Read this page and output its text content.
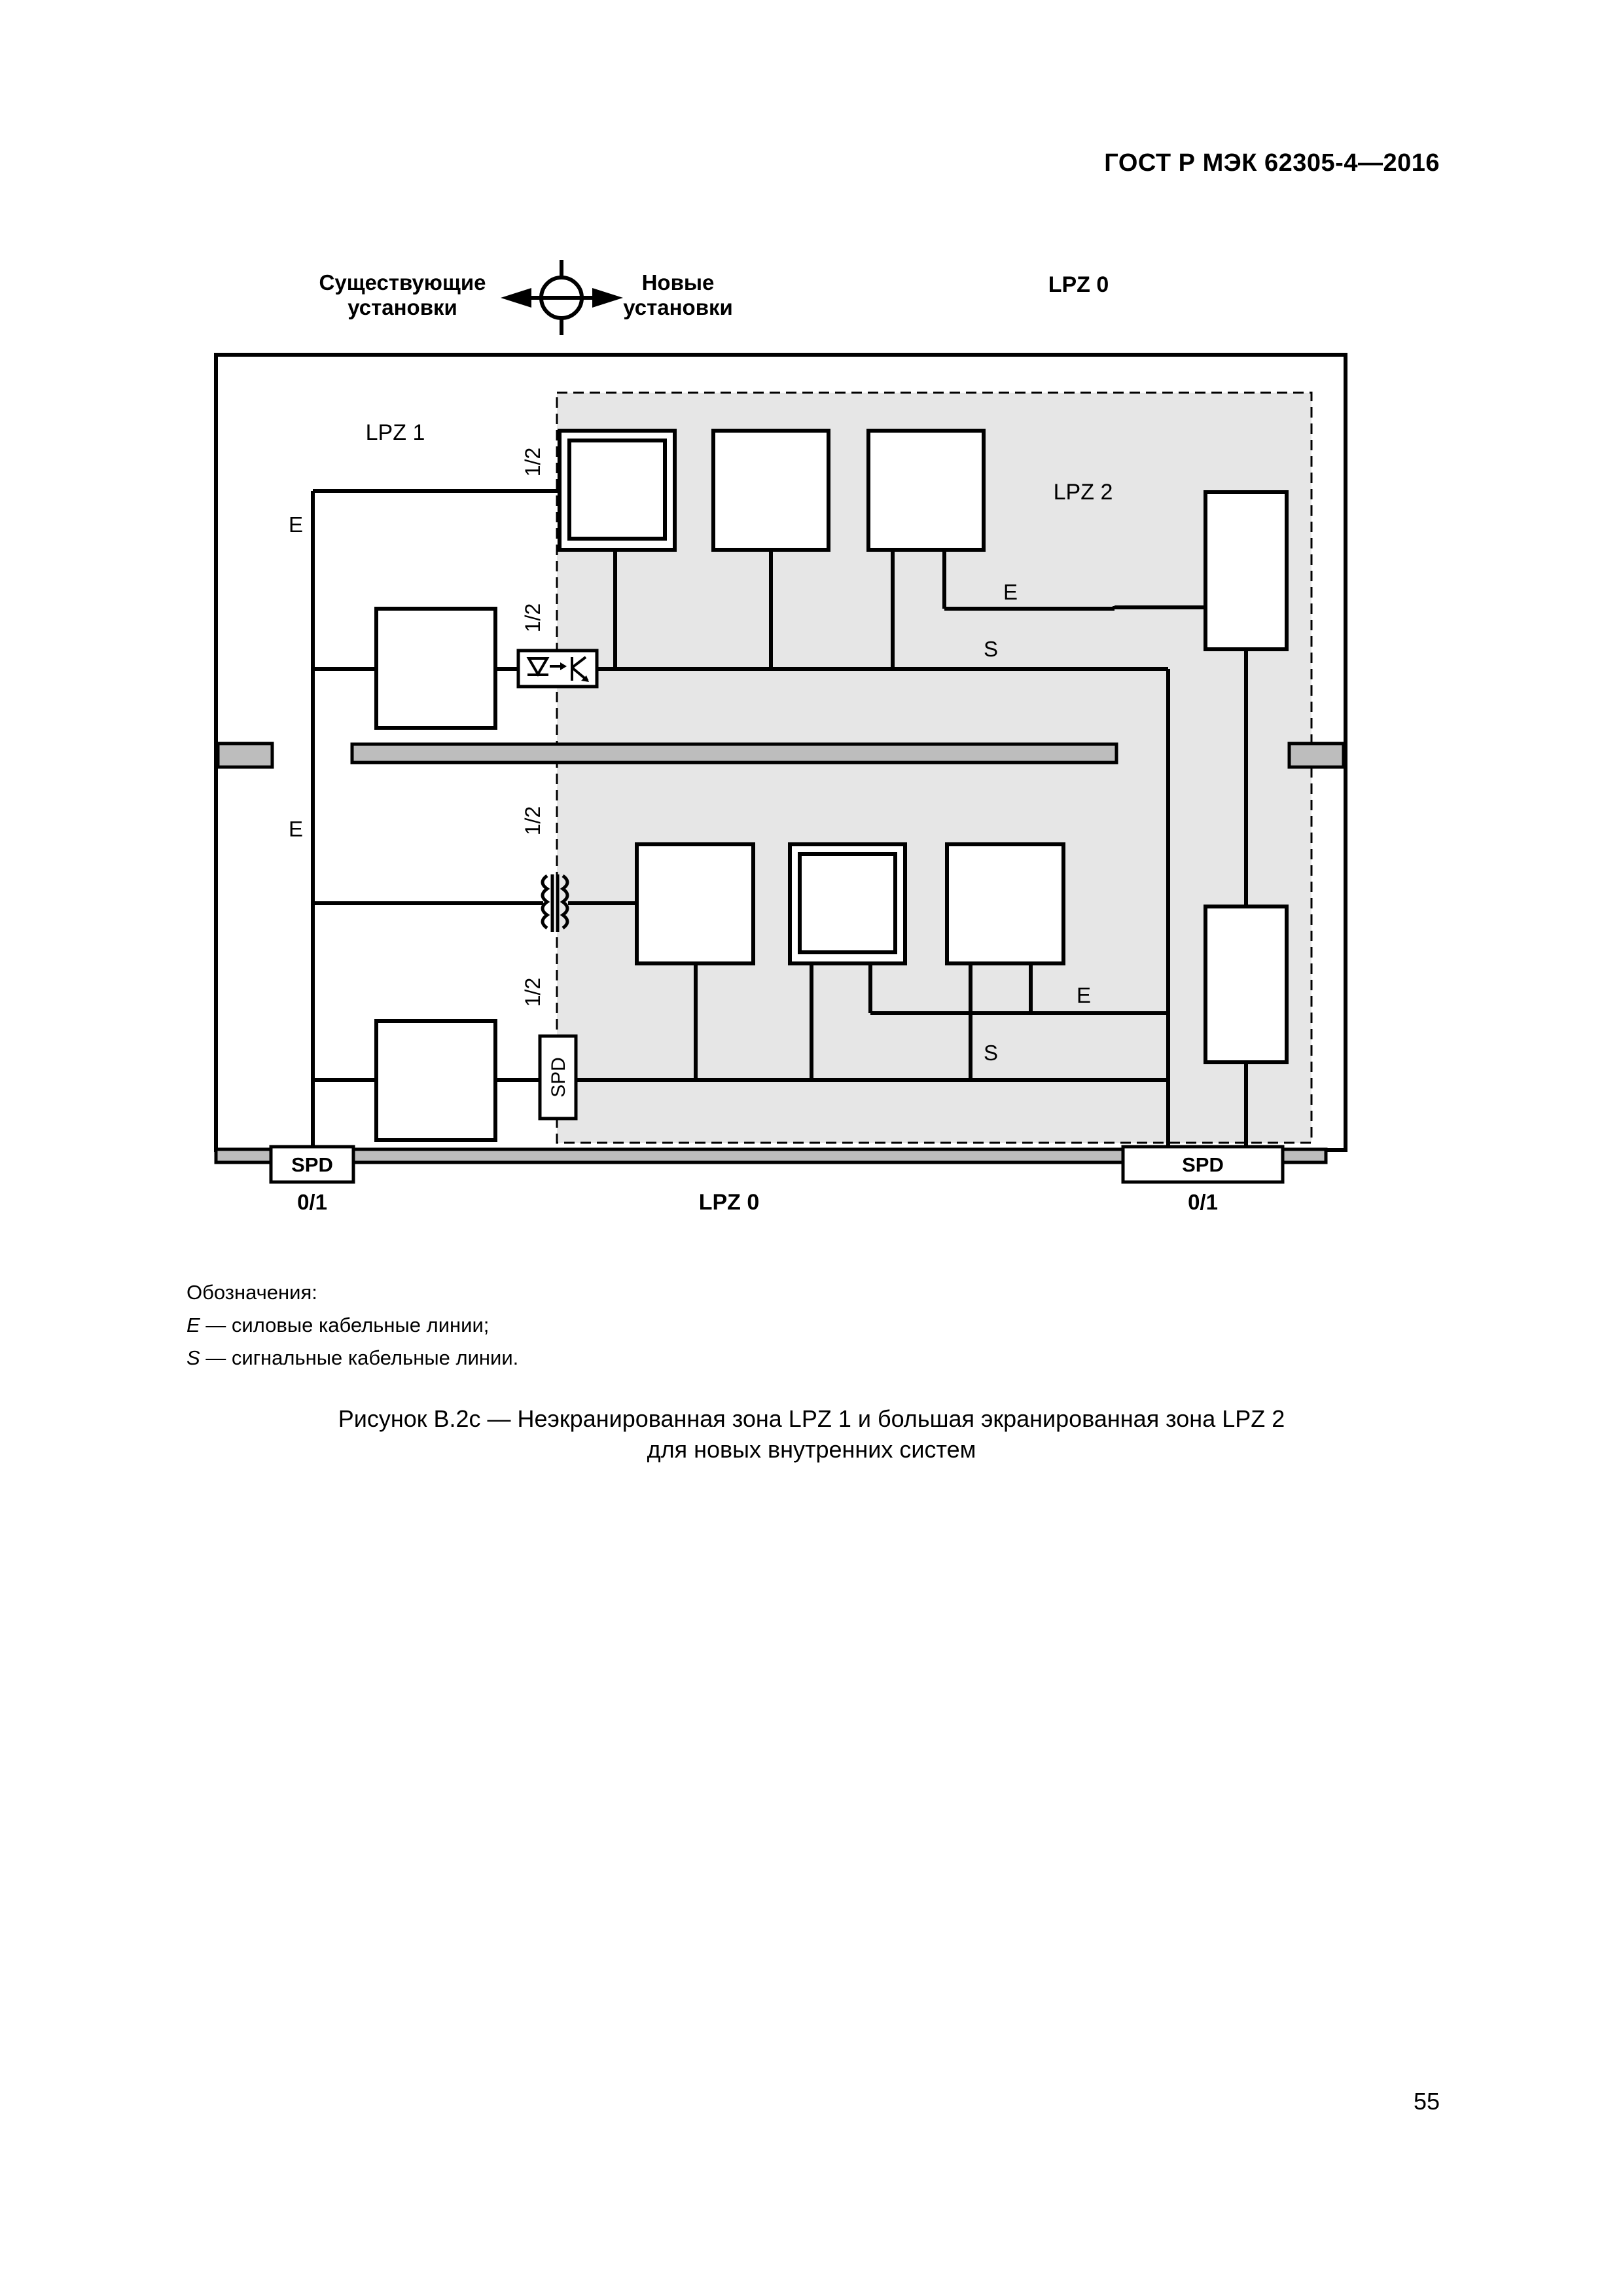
ГОСТ Р МЭК 62305-4—2016
Существующие
установки
Новые
установки
LPZ 0
LPZ 1
LPZ 2
SPD
E
E
E
S
E
S
1/2
1/2
1/2
1/2
SPD
0/1
SPD
0/1
LPZ 0
Обозначения:
E — силовые кабельные линии;
S — сигнальные кабельные линии.
Рисунок В.2с — Неэкранированная зона LPZ 1 и большая экранированная зона LPZ 2
для новых внутренних систем
55
